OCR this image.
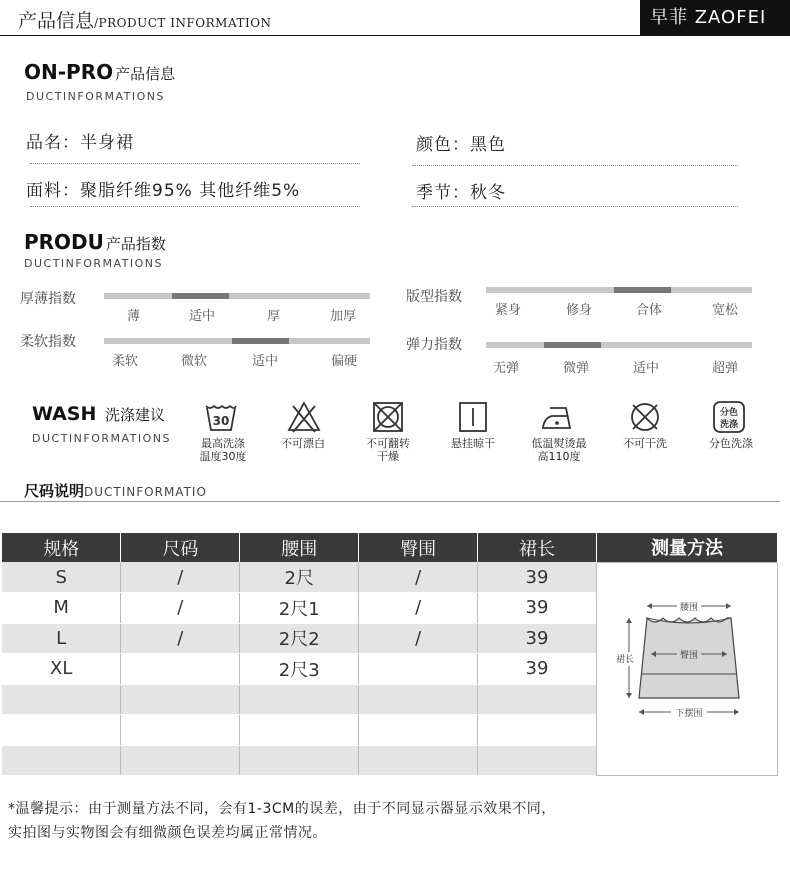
产品信息/PRODUCT INFORMATION	早菲 ZAOFEI
ON-PRO 产品信息
DUCTINFORMATIONS
品名：半身裙	颜色：黑色
面料：聚脂纤维95% 其他纤维5%	季节：秋冬
PRODU 产品指数
DUCTINFORMATIONS
厚薄指数
薄	适中	厚	加厚
版型指数
紧身	修身	合体	宽松
柔软指数
柔软	微软	适中	偏硬
弹力指数
无弹	微弹	适中	超弹
WASH 洗涤建议
DUCTINFORMATIONS
30
最高洗涤
温度30度
不可漂白	不可翻转
干燥
悬挂晾干	低温熨烫最
高110度
不可干洗
分色
洗涤
分色洗涤
尺码说明DUCTINFORMATIO
规格	尺码	腰围	臀围	裙长	测量方法
S	/	2尺	/	39	腰围
臀围
裙长
下摆围

M	/	2尺1	/	39	
L	/	2尺2	/	39	
XL		2尺3		39	

*温馨提示：由于测量方法不同，会有1-3CM的误差，由于不同显示器显示效果不同，
实拍图与实物图会有细微颜色误差均属正常情况。
